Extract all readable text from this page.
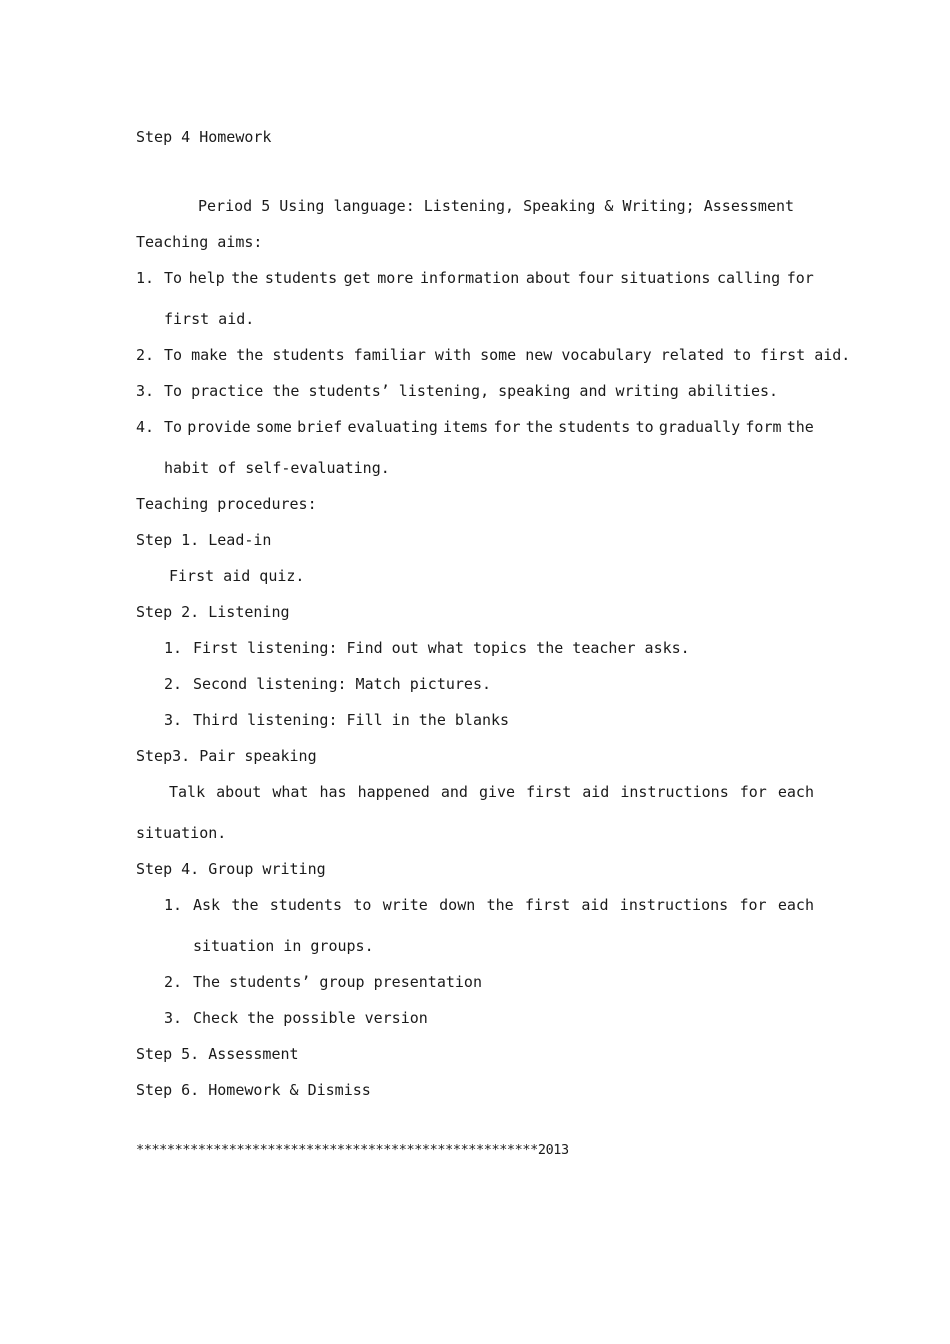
Step 4 Homework
Period 5 Using language: Listening, Speaking & Writing; Assessment
Teaching aims:
1. To help the students get more information about four situations calling for
first aid.
2. To make the students familiar with some new vocabulary related to first aid.
3. To practice the students’ listening, speaking and writing abilities.
4. To provide some brief evaluating items for the students to gradually form the
habit of self-evaluating.
Teaching procedures:
Step 1. Lead-in
First aid quiz.
Step 2. Listening
1. First listening: Find out what topics the teacher asks.
2. Second listening: Match pictures.
3. Third listening: Fill in the blanks
Step3. Pair speaking
Talk about what has happened and give first aid instructions for each
situation.
Step 4. Group writing
1. Ask the students to write down the first aid instructions for each
situation in groups.
2. The students’ group presentation
3. Check the possible version
Step 5. Assessment
Step 6. Homework & Dismiss
****************************************************2013
